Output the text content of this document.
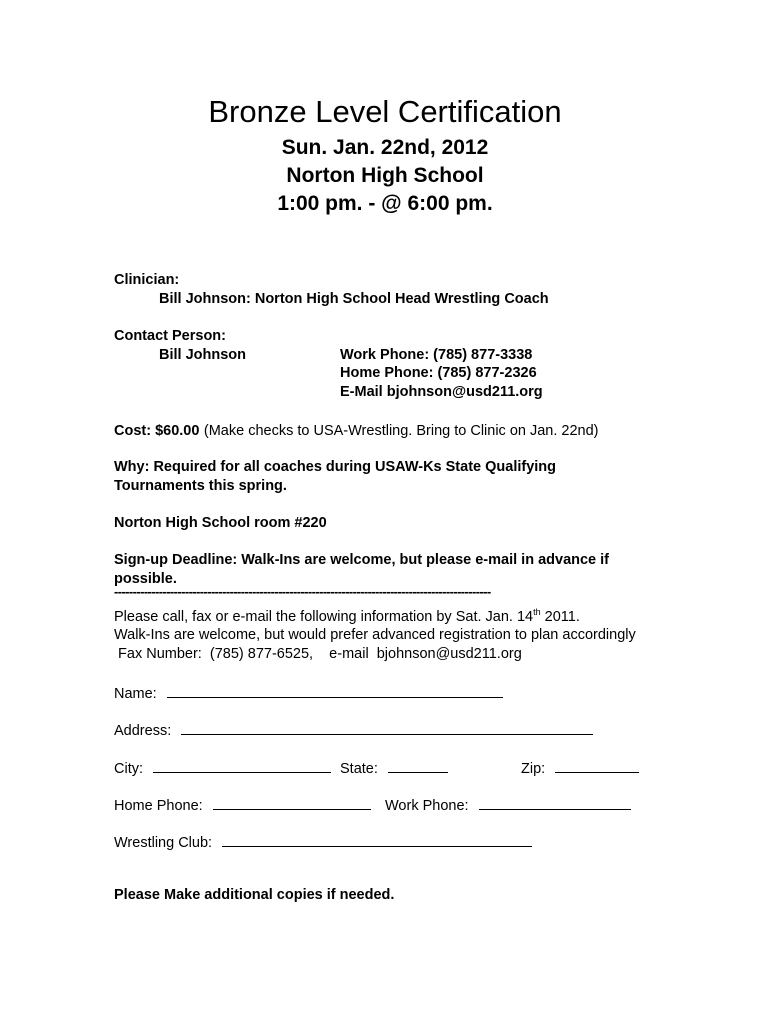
Bronze Level Certification
Sun. Jan. 22nd, 2012
Norton High School
1:00 pm. - @ 6:00 pm.
Clinician:
Bill Johnson: Norton High School Head Wrestling Coach
Contact Person:
Bill Johnson	Work Phone: (785) 877-3338
Home Phone: (785) 877-2326
E-Mail bjohnson@usd211.org
Cost: $60.00 (Make checks to USA-Wrestling. Bring to Clinic on Jan. 22nd)
Why: Required for all coaches during USAW-Ks State Qualifying
Tournaments this spring.
Norton High School room #220
Sign-up Deadline: Walk-Ins are welcome, but please e-mail in advance if
possible.
-----------------------------------------------------------------------------------------------------
Please call, fax or e-mail the following information by Sat. Jan. 14th 2011.
Walk-Ins are welcome, but would prefer advanced registration to plan accordingly
Fax Number:  (785) 877-6525,    e-mail  bjohnson@usd211.org
Name:
Address:
City:	State:	Zip:
Home Phone:	Work Phone:
Wrestling Club:
Please Make additional copies if needed.
